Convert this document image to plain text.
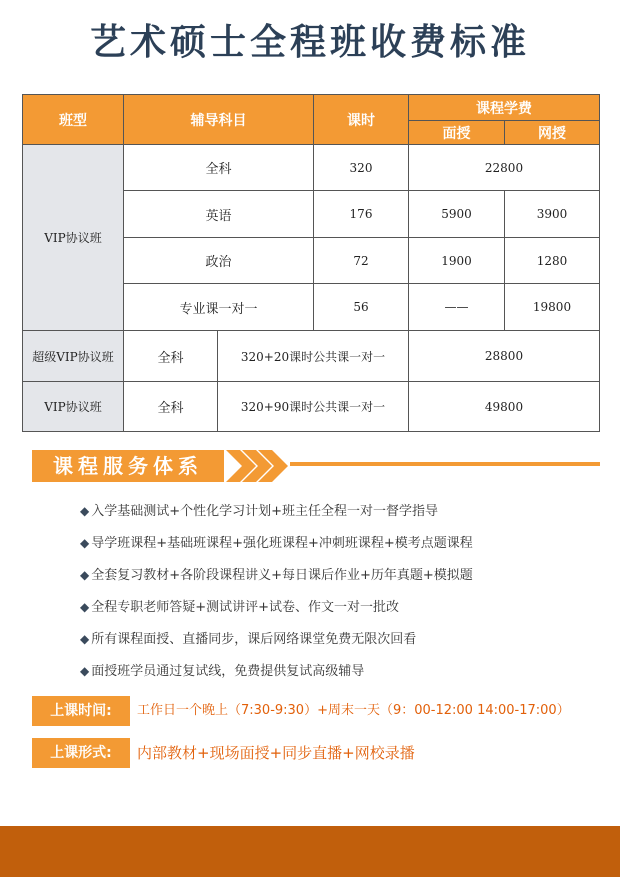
艺术硕士全程班收费标准
班型	辅导科目		课时	课程学费	
				面授	网授
VIP协议班	全科		320	22800	
	英语		176	5900	3900
	政治		72	1900	1280
	专业课一对一		56	——	19800
超级VIP协议班	全科	320+20课时公共课一对一		28800	
VIP协议班	全科	320+90课时公共课一对一		49800	
课程服务体系
◆ 入学基础测试+个性化学习计划+班主任全程一对一督学指导
◆ 导学班课程+基础班课程+强化班课程+冲刺班课程+模考点题课程
◆ 全套复习教材+各阶段课程讲义+每日课后作业+历年真题+模拟题
◆ 全程专职老师答疑+测试讲评+试卷、作文一对一批改
◆ 所有课程面授、直播同步，课后网络课堂免费无限次回看
◆ 面授班学员通过复试线，免费提供复试高级辅导
上课时间:	工作日一个晚上（7:30-9:30）+周末一天（9：00-12:00 14:00-17:00）
上课形式:	内部教材+现场面授+同步直播+网校录播
